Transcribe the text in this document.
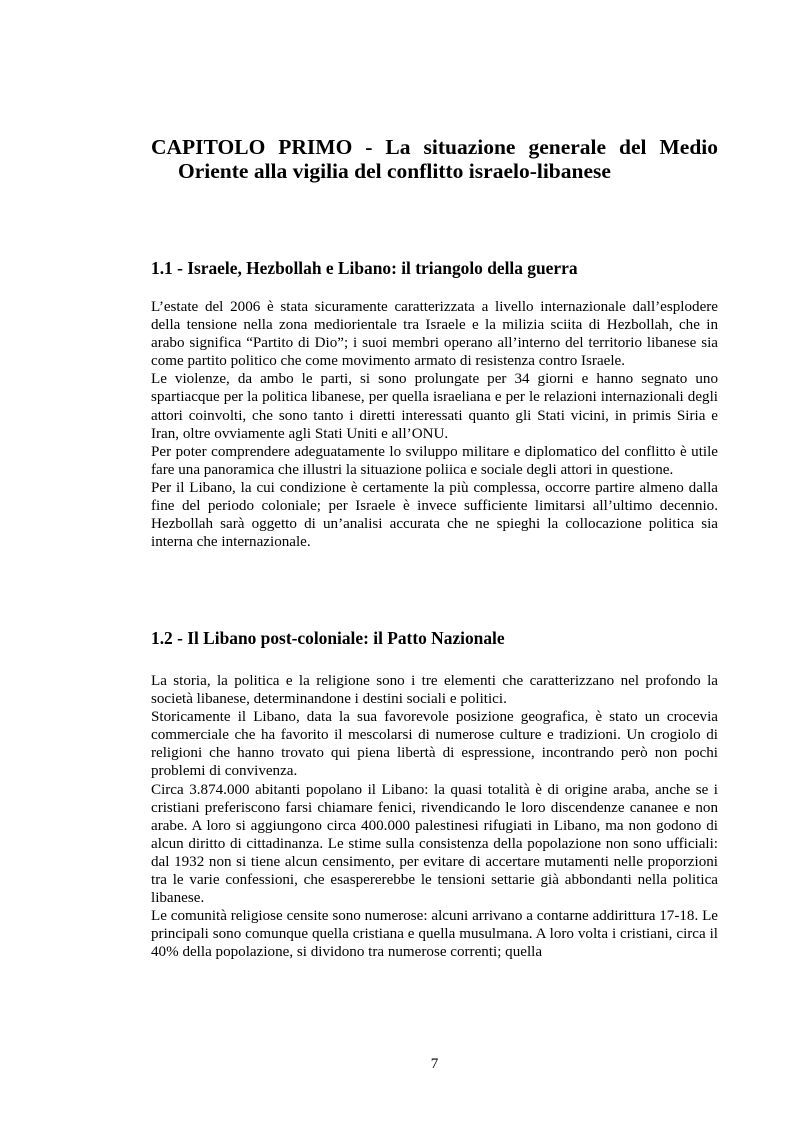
CAPITOLO PRIMO - La situazione generale del Medio
Oriente alla vigilia del conflitto israelo-libanese
1.1 - Israele, Hezbollah e Libano: il triangolo della guerra

L’estate del 2006 è stata sicuramente caratterizzata a livello internazionale dall’esplodere della tensione nella zona mediorientale tra Israele e la milizia sciita di Hezbollah, che in arabo significa “Partito di Dio”; i suoi membri operano all’interno del territorio libanese sia come partito politico che come movimento armato di resistenza contro Israele.

Le violenze, da ambo le parti, si sono prolungate per 34 giorni e hanno segnato uno spartiacque per la politica libanese, per quella israeliana e per le relazioni internazionali degli attori coinvolti, che sono tanto i diretti interessati quanto gli Stati vicini, in primis Siria e Iran, oltre ovviamente agli Stati Uniti e all’ONU.

Per poter comprendere adeguatamente lo sviluppo militare e diplomatico del conflitto è utile fare una panoramica che illustri la situazione poliica e sociale degli attori in questione.

Per il Libano, la cui condizione è certamente la più complessa, occorre partire almeno dalla fine del periodo coloniale; per Israele è invece sufficiente limitarsi all’ultimo decennio. Hezbollah sarà oggetto di un’analisi accurata che ne spieghi la collocazione politica sia interna che internazionale.

1.2 - Il Libano post-coloniale: il Patto Nazionale

La storia, la politica e la religione sono i tre elementi che caratterizzano nel profondo la società libanese, determinandone i destini sociali e politici.

Storicamente il Libano, data la sua favorevole posizione geografica, è stato un crocevia commerciale che ha favorito il mescolarsi di numerose culture e tradizioni. Un crogiolo di religioni che hanno trovato qui piena libertà di espressione, incontrando però non pochi problemi di convivenza.

Circa 3.874.000 abitanti popolano il Libano: la quasi totalità è di origine araba, anche se i cristiani preferiscono farsi chiamare fenici, rivendicando le loro discendenze cananee e non arabe. A loro si aggiungono circa 400.000 palestinesi rifugiati in Libano, ma non godono di alcun diritto di cittadinanza. Le stime sulla consistenza della popolazione non sono ufficiali: dal 1932 non si tiene alcun censimento, per evitare di accertare mutamenti nelle proporzioni tra le varie confessioni, che esaspererebbe le tensioni settarie già abbondanti nella politica libanese.

Le comunità religiose censite sono numerose: alcuni arrivano a contarne addirittura 17-18. Le principali sono comunque quella cristiana e quella musulmana. A loro volta i cristiani, circa il 40% della popolazione, si dividono tra numerose correnti; quella

7
